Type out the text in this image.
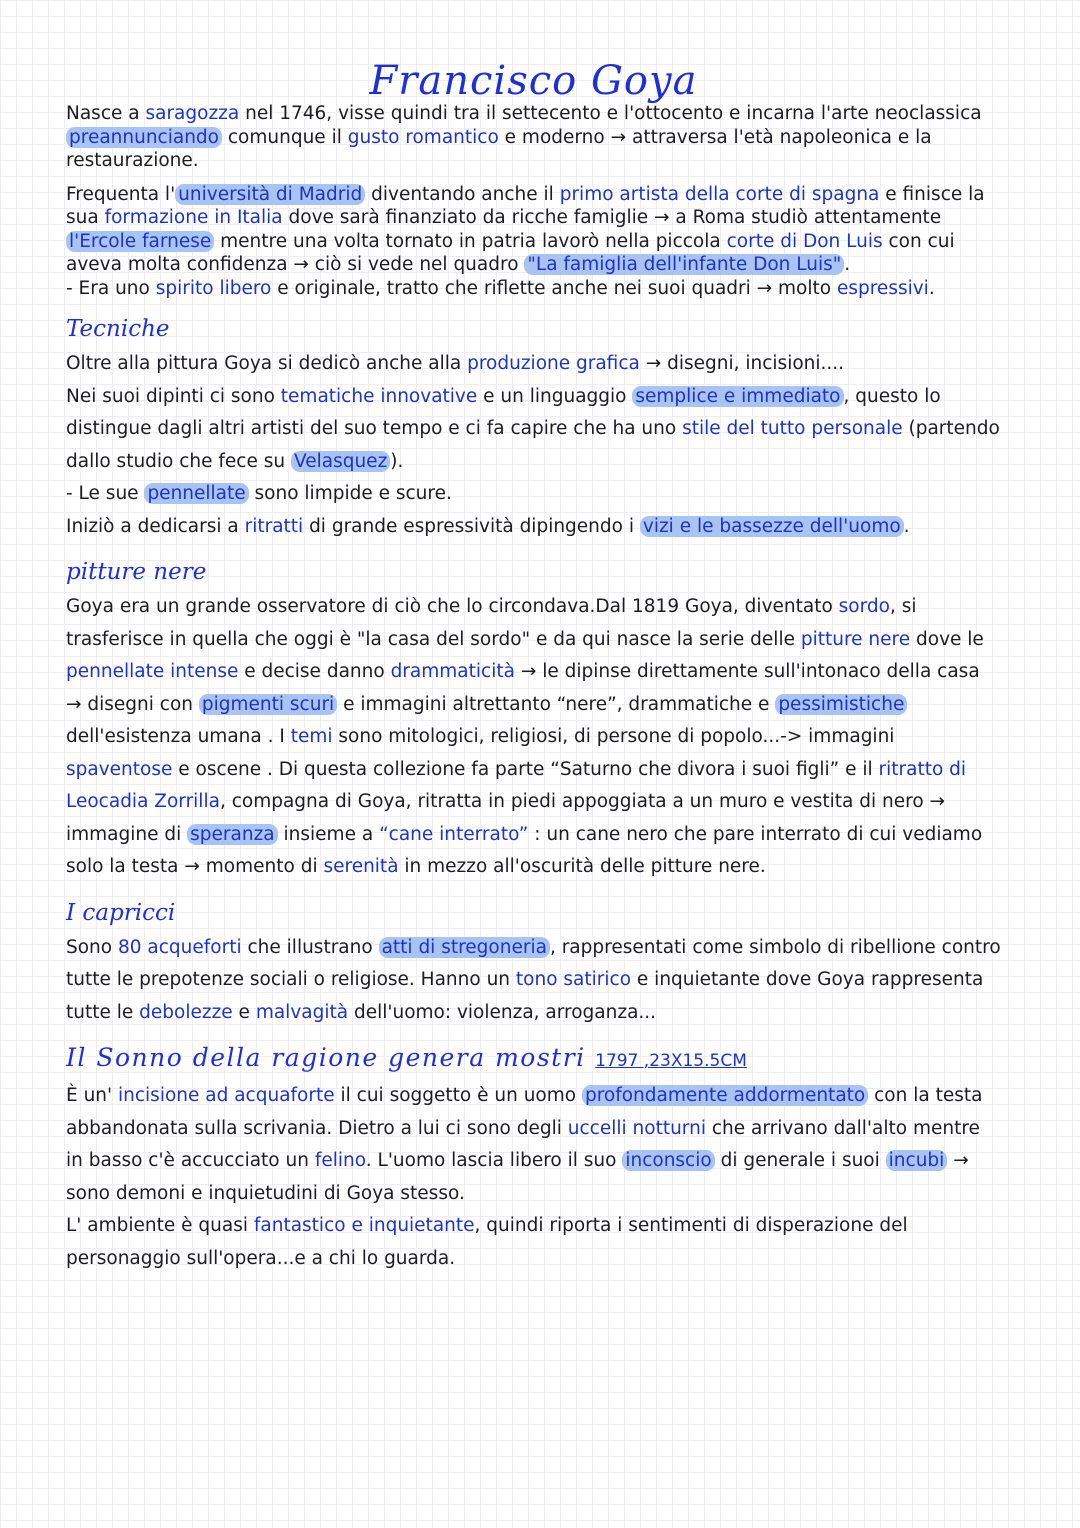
Francisco Goya

Nasce a saragozza nel 1746, visse quindi tra il settecento e l'ottocento e incarna l'arte neoclassica preannunciando comunque il gusto romantico e moderno → attraversa l'età napoleonica e la restaurazione.

Frequenta l' università di Madrid diventando anche il primo artista della corte di spagna e finisce la sua formazione in Italia dove sarà finanziato da ricche famiglie → a Roma studiò attentamente l'Ercole farnese mentre una volta tornato in patria lavorò nella piccola corte di Don Luis con cui aveva molta confidenza → ciò si vede nel quadro "La famiglia dell'infante Don Luis" .

- Era uno spirito libero e originale, tratto che riflette anche nei suoi quadri → molto espressivi.

Tecniche

Oltre alla pittura Goya si dedicò anche alla produzione grafica → disegni, incisioni....

Nei suoi dipinti ci sono tematiche innovative e un linguaggio semplice e immediato , questo lo distingue dagli altri artisti del suo tempo e ci fa capire che ha uno stile del tutto personale (partendo dallo studio che fece su Velasquez ).

- Le sue pennellate sono limpide e scure.

Iniziò a dedicarsi a ritratti di grande espressività dipingendo i vizi e le bassezze dell'uomo .

pitture nere

Goya era un grande osservatore di ciò che lo circondava.Dal 1819 Goya, diventato sordo, si trasferisce in quella che oggi è "la casa del sordo" e da qui nasce la serie delle pitture nere dove le pennellate intense e decise danno drammaticità → le dipinse direttamente sull'intonaco della casa → disegni con pigmenti scuri e immagini altrettanto “nere”, drammatiche e pessimistiche dell'esistenza umana . I temi sono mitologici, religiosi, di persone di popolo...-> immagini spaventose e oscene . Di questa collezione fa parte “Saturno che divora i suoi figli” e il ritratto di Leocadia Zorrilla, compagna di Goya, ritratta in piedi appoggiata a un muro e vestita di nero → immagine di speranza insieme a “cane interrato” : un cane nero che pare interrato di cui vediamo solo la testa → momento di serenità in mezzo all'oscurità delle pitture nere.

I capricci

Sono 80 acqueforti che illustrano atti di stregoneria , rappresentati come simbolo di ribellione contro tutte le prepotenze sociali o religiose. Hanno un tono satirico e inquietante dove Goya rappresenta tutte le debolezze e malvagità dell'uomo: violenza, arroganza...

Il Sonno della ragione genera mostri 1797 ,23X15.5CM

È un' incisione ad acquaforte il cui soggetto è un uomo profondamente addormentato con la testa abbandonata sulla scrivania. Dietro a lui ci sono degli uccelli notturni che arrivano dall'alto mentre in basso c'è accucciato un felino. L'uomo lascia libero il suo inconscio di generale i suoi incubi → sono demoni e inquietudini di Goya stesso.

L' ambiente è quasi fantastico e inquietante, quindi riporta i sentimenti di disperazione del personaggio sull'opera...e a chi lo guarda.
